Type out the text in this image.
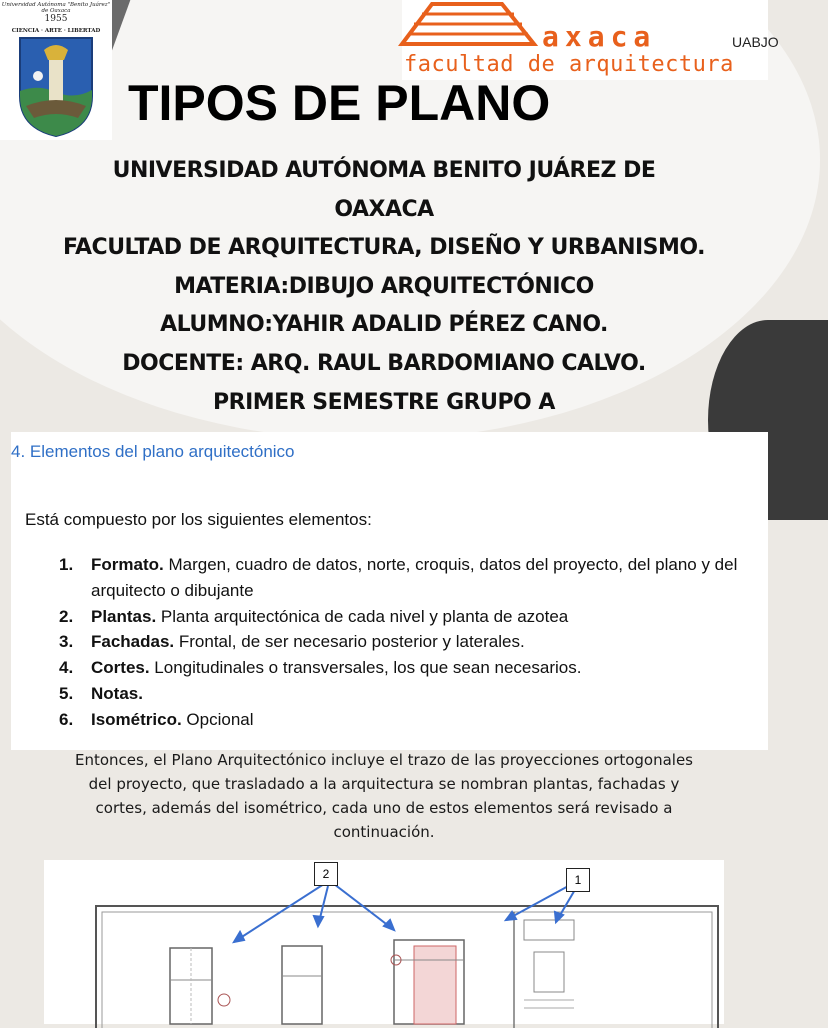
Universidad Autónoma "Benito Juárez" de Oaxaca
1955
CIENCIA · ARTE · LIBERTAD	axaca	UABJO
facultad de arquitectura
TIPOS DE PLANO
UNIVERSIDAD AUTÓNOMA BENITO JUÁREZ DE OAXACA
FACULTAD DE ARQUITECTURA, DISEÑO Y URBANISMO.
MATERIA:DIBUJO ARQUITECTÓNICO
ALUMNO:YAHIR ADALID PÉREZ CANO.
DOCENTE: ARQ. RAUL BARDOMIANO CALVO.
PRIMER SEMESTRE GRUPO A
4. Elementos del plano arquitectónico
Está compuesto por los siguientes elementos:
1.	Formato. Margen, cuadro de datos, norte, croquis, datos del proyecto, del plano y del arquitecto o dibujante
2.	Plantas. Planta arquitectónica de cada nivel y planta de azotea
3.	Fachadas. Frontal, de ser necesario posterior y laterales.
4.	Cortes. Longitudinales o transversales, los que sean necesarios.
5.	Notas.
6.	Isométrico. Opcional

Entonces, el Plano Arquitectónico incluye el trazo de las proyecciones ortogonales del proyecto, que trasladado a la arquitectura se nombran plantas, fachadas y cortes, además del isométrico, cada uno de estos elementos será revisado a continuación.

2	1
